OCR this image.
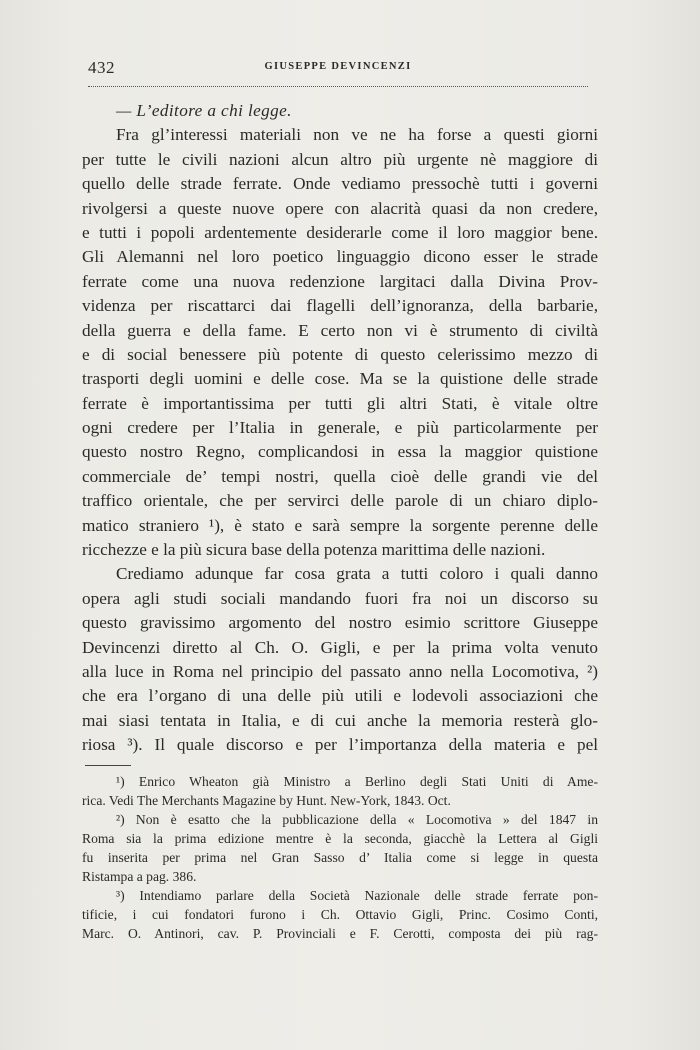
432	GIUSEPPE DEVINCENZI
— L’editore a chi legge.
Fra gl’interessi materiali non ve ne ha forse a questi giorni
per tutte le civili nazioni alcun altro più urgente nè maggiore di
quello delle strade ferrate. Onde vediamo pressochè tutti i governi
rivolgersi a queste nuove opere con alacrità quasi da non credere,
e tutti i popoli ardentemente desiderarle come il loro maggior bene.
Gli Alemanni nel loro poetico linguaggio dicono esser le strade
ferrate come una nuova redenzione largitaci dalla Divina Prov-
videnza per riscattarci dai flagelli dell’ignoranza, della barbarie,
della guerra e della fame. E certo non vi è strumento di civiltà
e di social benessere più potente di questo celerissimo mezzo di
trasporti degli uomini e delle cose. Ma se la quistione delle strade
ferrate è importantissima per tutti gli altri Stati, è vitale oltre
ogni credere per l’Italia in generale, e più particolarmente per
questo nostro Regno, complicandosi in essa la maggior quistione
commerciale de’ tempi nostri, quella cioè delle grandi vie del
traffico orientale, che per servirci delle parole di un chiaro diplo-
matico straniero ¹), è stato e sarà sempre la sorgente perenne delle
ricchezze e la più sicura base della potenza marittima delle nazioni.
Crediamo adunque far cosa grata a tutti coloro i quali danno
opera agli studi sociali mandando fuori fra noi un discorso su
questo gravissimo argomento del nostro esimio scrittore Giuseppe
Devincenzi diretto al Ch. O. Gigli, e per la prima volta venuto
alla luce in Roma nel principio del passato anno nella Locomotiva, ²)
che era l’organo di una delle più utili e lodevoli associazioni che
mai siasi tentata in Italia, e di cui anche la memoria resterà glo-
riosa ³). Il quale discorso e per l’importanza della materia e pel
¹) Enrico Wheaton già Ministro a Berlino degli Stati Uniti di Ame-
rica. Vedi The Merchants Magazine by Hunt. New-York, 1843. Oct.
²) Non è esatto che la pubblicazione della « Locomotiva » del 1847 in
Roma sia la prima edizione mentre è la seconda, giacchè la Lettera al Gigli
fu inserita per prima nel Gran Sasso d’ Italia come si legge in questa
Ristampa a pag. 386.
³) Intendiamo parlare della Società Nazionale delle strade ferrate pon-
tificie, i cui fondatori furono i Ch. Ottavio Gigli, Princ. Cosimo Conti,
Marc. O. Antinori, cav. P. Provinciali e F. Cerotti, composta dei più rag-
